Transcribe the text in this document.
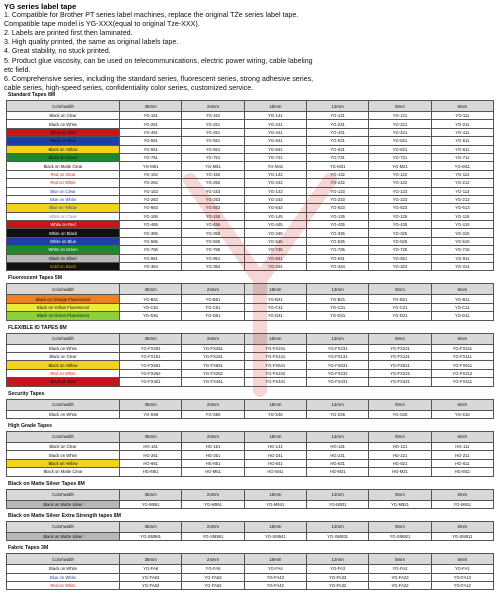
YG series label tape
1. Compatible for Brother PT series label machines, replace the original TZe series label tape.
Compatible tape model is YG-XXX(equal to original Tze-XXX).
2. Labels are printed first then laminated.
3. High quality printed, the same as original labels tape.
4. Great stability, no stuck printed.
5. Product glue viscosity, can be used on telecommunications, electric power wiring, cable labeling
etc field.
6. Comprehensive series, including the standard series, fluorescent series, strong adhesive series,
cable series, high-speed series, confidentiality color series, customized service.
Standard Tapes 8M
Color\width	36mm	24mm	18mm	12mm	9mm	6mm
Black on Clear	YG-161	YG-151	YG-141	YG-131	YG-121	YG-111
Black on White	YG-261	YG-251	YG-241	YG-231	YG-221	YG-211
Black on Red	YG-461	YG-451	YG-441	YG-431	YG-421	YG-411
Black on Blue	YG-561	YG-551	YG-541	YG-531	YG-521	YG-511
Black on Yellow	YG-661	YG-651	YG-641	YG-631	YG-621	YG-611
Black on Green	YG-761	YG-751	YG-741	YG-731	YG-721	YG-711
Black on Matte Clear	YG-M61	YG-M51	YG-M41	YG-M31	YG-M21	YG-M11
Red on Clear	YG-162	YG-152	YG-142	YG-132	YG-122	YG-112
Red on White	YG-262	YG-252	YG-242	YG-232	YG-222	YG-212
Blue on Clear	YG-163	YG-153	YG-143	YG-133	YG-123	YG-113
Blue on White	YG-263	YG-253	YG-243	YG-233	YG-223	YG-213
Blue on Yellow	YG-663	YG-653	YG-643	YG-633	YG-623	YG-613
White on Clear	YG-165	YG-155	YG-145	YG-135	YG-125	YG-115
White on Red	YG-465	YG-455	YG-445	YG-435	YG-425	YG-415
White on Black	YG-365	YG-355	YG-345	YG-335	YG-325	YG-315
White on Blue	YG-565	YG-555	YG-545	YG-535	YG-525	YG-515
White on Green	YG-765	YG-755	YG-745	YG-735	YG-725	YG-715
Black on Silver	YG-961	YG-951	YG-941	YG-931	YG-921	YG-911
Gold on Black	YG-364	YG-354	YG-344	YG-334	YG-324	YG-314
Fluorescent Tapes 5M
Color\width	36mm	24mm	18mm	12mm	9mm	6mm
Black on Orange Fluorescent	YG-B61	YG-B51	YG-B41	YG-B31	YG-B21	YG-B11
Black on Yellow Fluorescent	YG-C61	YG-C51	YG-C41	YG-C31	YG-C21	YG-C11
Black on Green Fluorescent	YG-D61	YG-D51	YG-D41	YG-D31	YG-D21	YG-D11
FLEXIBLE ID TAPES 8M
Color\width	36mm	24mm	18mm	12mm	9mm	6mm
Black on White	YG-FX261	YG-FX251	YG-FX241	YG-FX231	YG-FX221	YG-FX211
Black on Clear	YG-FX161	YG-FX151	YG-FX141	YG-FX131	YG-FX121	YG-FX111
Black on Yellow	YG-FX661	YG-FX651	YG-FX641	YG-FX631	YG-FX621	YG-FX611
Red on White	YG-FX262	YG-FX252	YG-FX242	YG-FX232	YG-FX222	YG-FX212
Black on Red	YG-FX461	YG-FX451	YG-FX441	YG-FX431	YG-FX421	YG-FX411
Security Tapes
Color\width	36mm	24mm	18mm	12mm	9mm	6mm
Black on White	YG-S66	YG-S56	YG-S46	YG-S36	YG-S26	YG-S16
High Grade Tapes
Color\width	36mm	24mm	18mm	12mm	9mm	6mm
Black on Clear	HG-161	HG-151	HG-141	HG-131	HG-121	HG-111
Black on White	HG-261	HG-251	HG-241	HG-231	HG-221	HG-211
Black on Yellow	HG-661	HG-651	HG-641	HG-631	HG-621	HG-611
Black on Matte Clear	HG-M61	HG-M51	HG-M41	HG-M31	HG-M21	HG-M11
Black on Matte Silver Tapes 8M
Color\width	36mm	24mm	18mm	12mm	9mm	6mm
Black on Matte Silver	YG-M961	YG-M951	YG-M941	YG-M931	YG-M921	YG-M911
Black on Matte Silver Extra Strength tapes 8M
Color\width	36mm	24mm	18mm	12mm	9mm	6mm
Black on Matte Silver	YG-SM961	YG-SM951	YG-SM941	YG-SM931	YG-SM921	YG-SM911
Fabric Tapes 3M
Color\width	36mm	24mm	18mm	12mm	9mm	6mm
Black on White	YG-FA6	YG-FA5	YG-FA4	YG-FA3	YG-FA2	YG-FA1
Blue on White	YG-FA63	YG-FA53	YG-FA43	YG-FA33	YG-FA23	YG-FA13
Red on White	YG-FA62	YG-FA52	YG-FA42	YG-FA32	YG-FA22	YG-FA12
